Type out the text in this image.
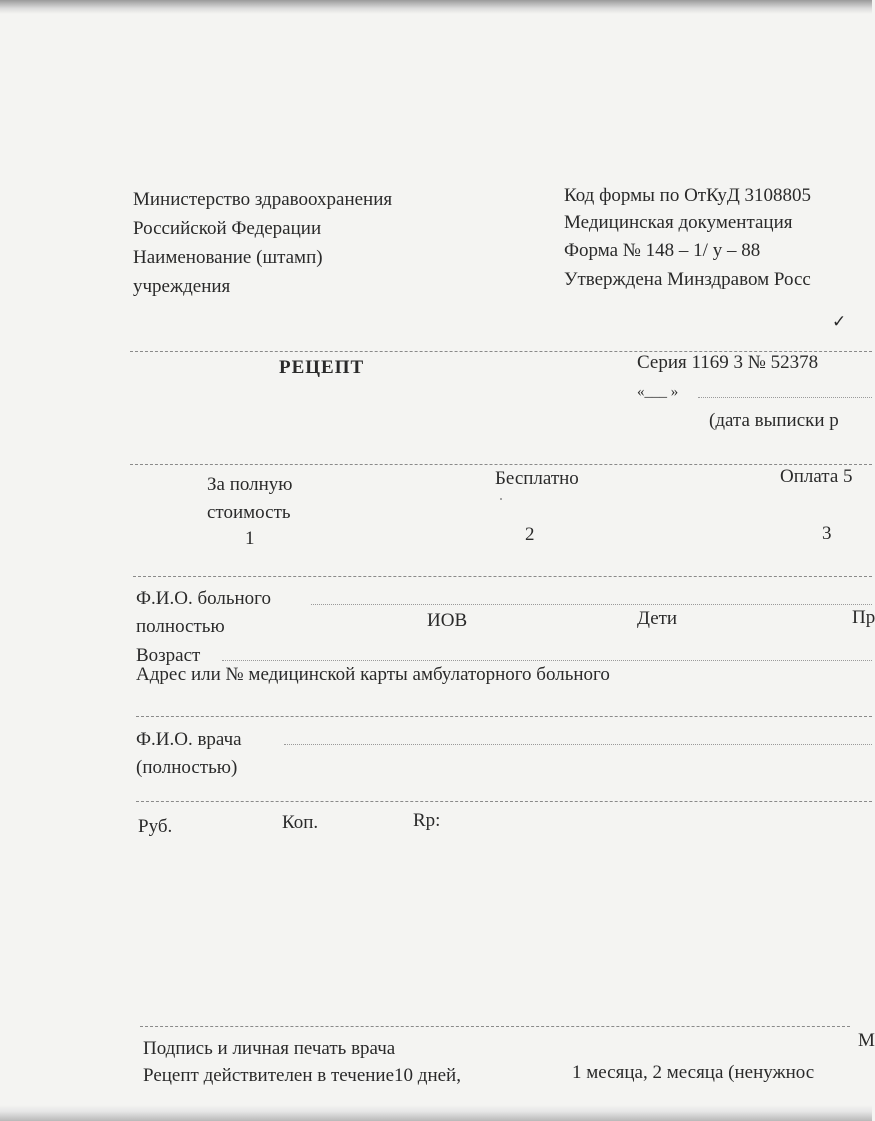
Министерство здравоохранения
Российской Федерации
Наименование (штамп)
учреждения
Код формы по ОтКуД 3108805
Медицинская документация
Форма № 148 – 1/ у – 88
Утверждена Минздравом Росс
✓
РЕЦЕПТ	Серия 1169 3 № 52378
«___ »
(дата выписки р
За полную
стоимость
1
Бесплатно
2
Оплата 5
3
Ф.И.О. больного
полностью	ИОВ	Дети	Пр
Возраст
Адрес или № медицинской карты амбулаторного больного
Ф.И.О. врача
(полностью)
Руб.	Коп.	Rp:
М
Подпись и личная печать врача
Рецепт действителен в течение10 дней,	1 месяца, 2 месяца (ненужнос
